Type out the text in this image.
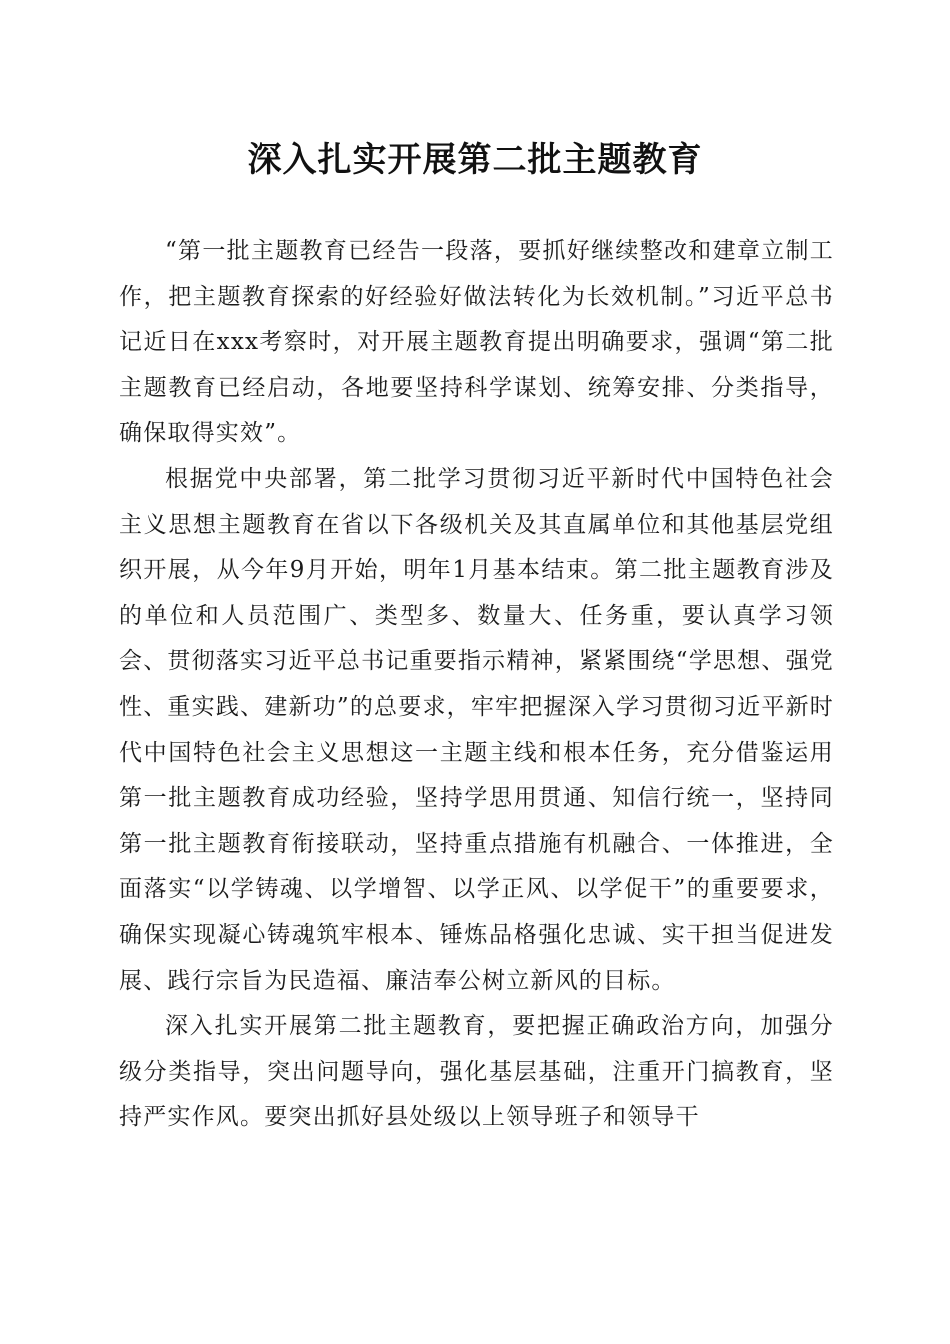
深入扎实开展第二批主题教育

“第一批主题教育已经告一段落，要抓好继续整改和建章立制工作，把主题教育探索的好经验好做法转化为长效机制。”习近平总书记近日在xxx考察时，对开展主题教育提出明确要求，强调“第二批主题教育已经启动，各地要坚持科学谋划、统筹安排、分类指导，确保取得实效”。

根据党中央部署，第二批学习贯彻习近平新时代中国特色社会主义思想主题教育在省以下各级机关及其直属单位和其他基层党组织开展，从今年9月开始，明年1月基本结束。第二批主题教育涉及的单位和人员范围广、类型多、数量大、任务重，要认真学习领会、贯彻落实习近平总书记重要指示精神，紧紧围绕“学思想、强党性、重实践、建新功”的总要求，牢牢把握深入学习贯彻习近平新时代中国特色社会主义思想这一主题主线和根本任务，充分借鉴运用第一批主题教育成功经验，坚持学思用贯通、知信行统一，坚持同第一批主题教育衔接联动，坚持重点措施有机融合、一体推进，全面落实“以学铸魂、以学增智、以学正风、以学促干”的重要要求，确保实现凝心铸魂筑牢根本、锤炼品格强化忠诚、实干担当促进发展、践行宗旨为民造福、廉洁奉公树立新风的目标。

深入扎实开展第二批主题教育，要把握正确政治方向，加强分级分类指导，突出问题导向，强化基层基础，注重开门搞教育，坚持严实作风。要突出抓好县处级以上领导班子和领导干
